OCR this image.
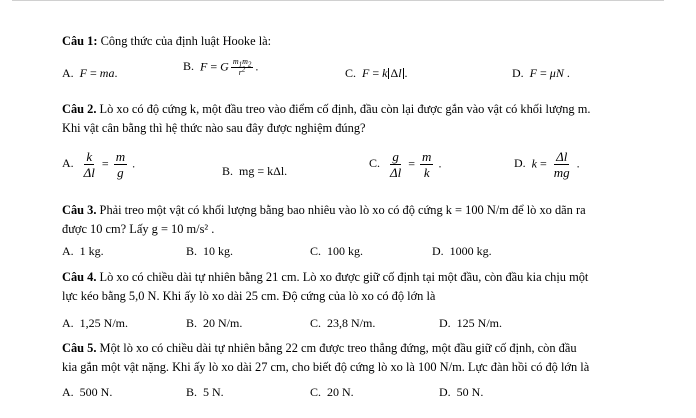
Câu 1: Công thức của định luật Hooke là:
A. F = ma.	B. F = G $\frac{m_1m_2}{r^2}$ .	C. F = k Δl .	D. F = μN .
Câu 2. Lò xo có độ cứng k, một đầu treo vào điểm cố định, đầu còn lại được gắn vào vật có khối lượng m.
Khi vật cân bằng thì hệ thức nào sau đây được nghiệm đúng?
A. $\frac{k}{\Delta l} = \frac{m}{g}$ .
B. mg = kΔl.
C. $\frac{g}{\Delta l} = \frac{m}{k}$ .	D. $k = \frac{\Delta l}{mg}$ .
Câu 3. Phải treo một vật có khối lượng bằng bao nhiêu vào lò xo có độ cứng k = 100 N/m để lò xo dãn ra
được 10 cm? Lấy g = 10 m/s² .
A. 1 kg.	B. 10 kg.	C. 100 kg.	D. 1000 kg.
Câu 4. Lò xo có chiều dài tự nhiên bằng 21 cm. Lò xo được giữ cố định tại một đầu, còn đầu kia chịu một
lực kéo bằng 5,0 N. Khi ấy lò xo dài 25 cm. Độ cứng của lò xo có độ lớn là
A. 1,25 N/m.	B. 20 N/m.	C. 23,8 N/m.	D. 125 N/m.
Câu 5. Một lò xo có chiều dài tự nhiên bằng 22 cm được treo thẳng đứng, một đầu giữ cố định, còn đầu
kia gắn một vật nặng. Khi ấy lò xo dài 27 cm, cho biết độ cứng lò xo là 100 N/m. Lực đàn hồi có độ lớn là
A. 500 N.	B. 5 N.	C. 20 N.	D. 50 N.
